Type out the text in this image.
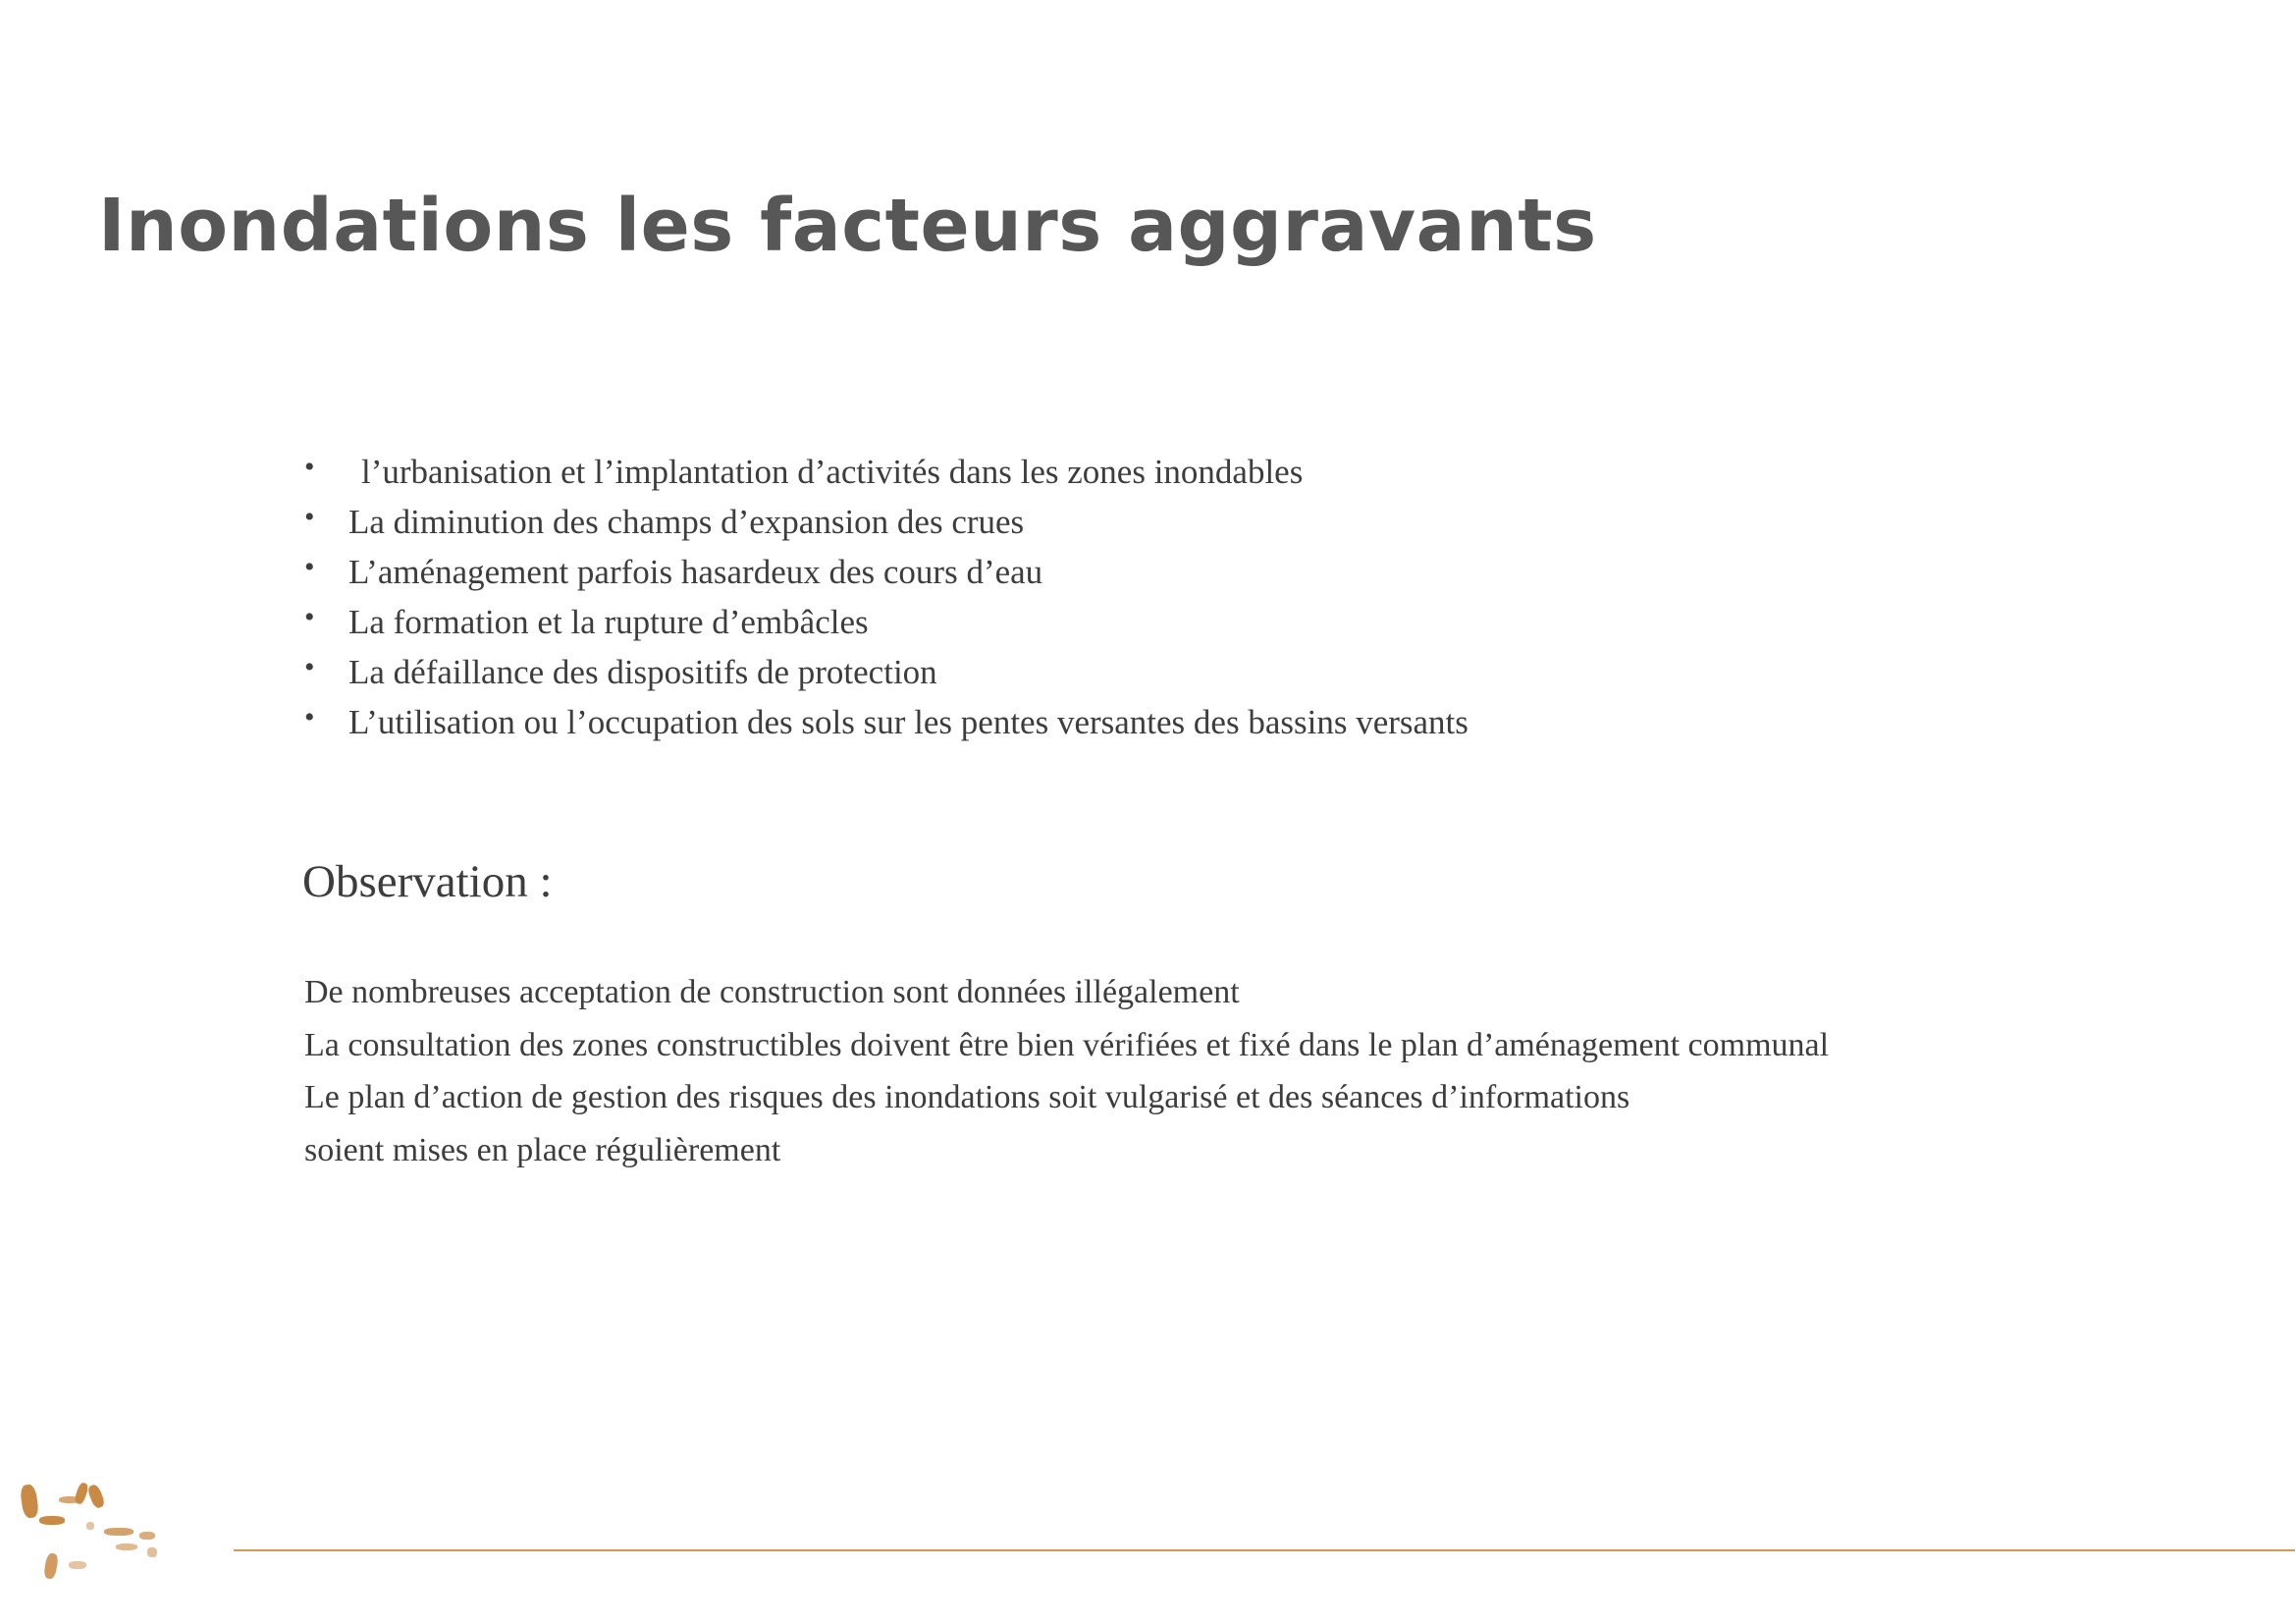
Inondations les facteurs aggravants
• l’urbanisation et l’implantation d’activités dans les zones inondables
• La diminution des champs d’expansion des crues
• L’aménagement parfois hasardeux des cours d’eau
• La formation et la rupture d’embâcles
• La défaillance des dispositifs de protection
• L’utilisation ou l’occupation des sols sur les pentes versantes des bassins versants
Observation :

De nombreuses acceptation de construction sont données illégalement

La consultation des zones constructibles doivent être bien vérifiées et fixé dans le plan d’aménagement communal

Le plan d’action de gestion des risques des inondations soit vulgarisé et des séances d’informations

soient mises en place régulièrement
